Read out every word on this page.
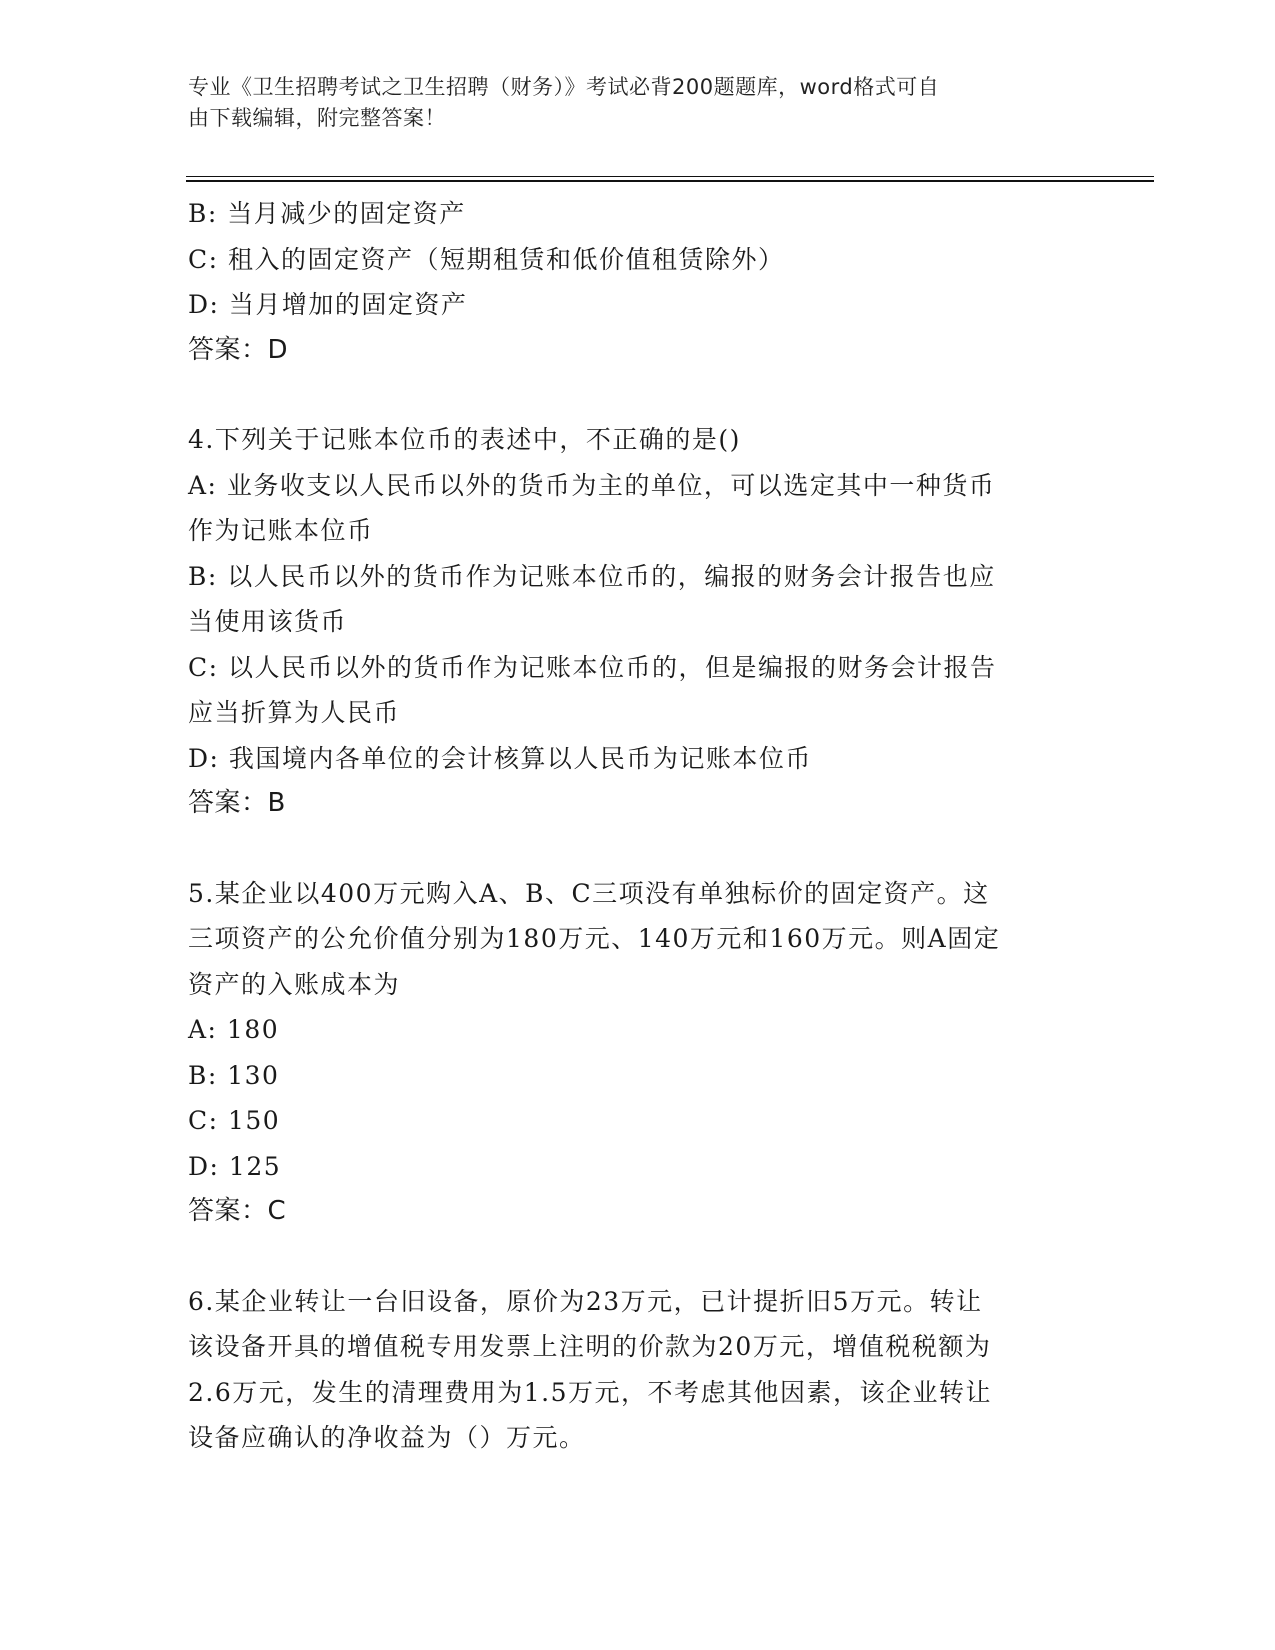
专业《卫生招聘考试之卫生招聘（财务）》考试必背200题题库，word格式可自
由下载编辑，附完整答案！
B: 当月减少的固定资产
C: 租入的固定资产（短期租赁和低价值租赁除外）
D: 当月增加的固定资产
答案：D
4.下列关于记账本位币的表述中，不正确的是()
A: 业务收支以人民币以外的货币为主的单位，可以选定其中一种货币
作为记账本位币
B: 以人民币以外的货币作为记账本位币的，编报的财务会计报告也应
当使用该货币
C: 以人民币以外的货币作为记账本位币的，但是编报的财务会计报告
应当折算为人民币
D: 我国境内各单位的会计核算以人民币为记账本位币
答案：B
5.某企业以400万元购入A、B、C三项没有单独标价的固定资产。这
三项资产的公允价值分别为180万元、140万元和160万元。则A固定
资产的入账成本为
A: 180
B: 130
C: 150
D: 125
答案：C
6.某企业转让一台旧设备，原价为23万元，已计提折旧5万元。转让
该设备开具的增值税专用发票上注明的价款为20万元，增值税税额为
2.6万元，发生的清理费用为1.5万元，不考虑其他因素，该企业转让
设备应确认的净收益为（）万元。
